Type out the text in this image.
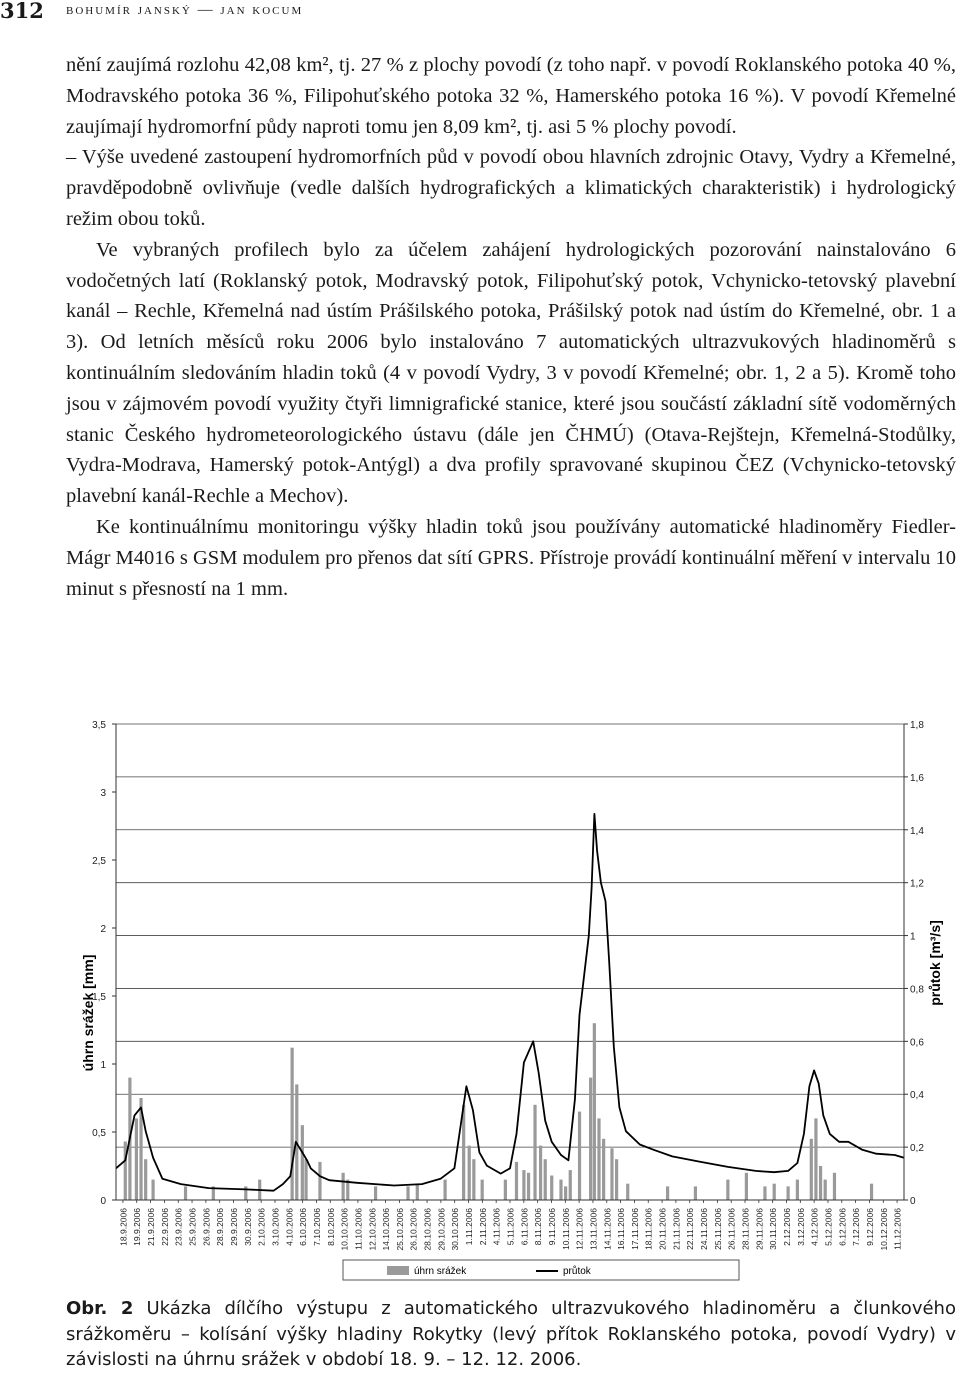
312 bohumír janský — jan kocum

nění zaujímá rozlohu 42,08 km², tj. 27 % z plochy povodí (z toho např. v povodí Roklanského potoka 40 %, Modravského potoka 36 %, Filipohuťského potoka 32 %, Hamerského potoka 16 %). V povodí Křemelné zaujímají hydromorfní půdy naproti tomu jen 8,09 km², tj. asi 5 % plochy povodí.

– Výše uvedené zastoupení hydromorfních půd v povodí obou hlavních zdrojnic Otavy, Vydry a Křemelné, pravděpodobně ovlivňuje (vedle dalších hydrografických a klimatických charakteristik) i hydrologický režim obou toků.

Ve vybraných profilech bylo za účelem zahájení hydrologických pozorování nainstalováno 6 vodočetných latí (Roklanský potok, Modravský potok, Filipohuťský potok, Vchynicko-tetovský plavební kanál – Rechle, Křemelná nad ústím Prášilského potoka, Prášilský potok nad ústím do Křemelné, obr. 1 a 3). Od letních měsíců roku 2006 bylo instalováno 7 automatických ultrazvukových hladinoměrů s kontinuálním sledováním hladin toků (4 v povodí Vydry, 3 v povodí Křemelné; obr. 1, 2 a 5). Kromě toho jsou v zájmovém povodí využity čtyři limnigrafické stanice, které jsou součástí základní sítě vodoměrných stanic Českého hydrometeorologického ústavu (dále jen ČHMÚ) (Otava-Rejštejn, Křemelná-Stodůlky, Vydra-Modrava, Hamerský potok-Antýgl) a dva profily spravované skupinou ČEZ (Vchynicko-tetovský plavební kanál-Rechle a Mechov).

Ke kontinuálnímu monitoringu výšky hladin toků jsou používány automatické hladinoměry Fiedler-Mágr M4016 s GSM modulem pro přenos dat sítí GPRS. Přístroje provádí kontinuální měření v intervalu 10 minut s přesností na 1 mm.

0
0,5
1
1,5
2
2,5
3
3,5
0
0,2
0,4
0,6
0,8
1
1,2
1,4
1,6
1,8
18.9.2006 19.9.2006 21.9.2006 22.9.2006 23.9.2006 25.9.2006 26.9.2006 28.9.2006 29.9.2006 30.9.2006 2.10.2006 3.10.2006 4.10.2006 6.10.2006 7.10.2006 8.10.2006 10.10.2006 11.10.2006 12.10.2006 14.10.2006 25.10.2006 26.10.2006 28.10.2006 29.10.2006 30.10.2006 1.11.2006 2.11.2006 4.11.2006 5.11.2006 6.11.2006 8.11.2006 9.11.2006 10.11.2006 12.11.2006 13.11.2006 14.11.2006 16.11.2006 17.11.2006 18.11.2006 20.11.2006 21.11.2006 22.11.2006 24.11.2006 25.11.2006 26.11.2006 28.11.2006 29.11.2006 30.11.2006 2.12.2006 3.12.2006 4.12.2006 5.12.2006 6.12.2006 7.12.2006 9.12.2006 10.12.2006 11.12.2006
úhrn srážek [mm]	průtok [m³/s]
úhrn srážek	průtok
Obr. 2 Ukázka dílčího výstupu z automatického ultrazvukového hladinoměru a člunkového srážkoměru – kolísání výšky hladiny Rokytky (levý přítok Roklanského potoka, povodí Vydry) v závislosti na úhrnu srážek v období 18. 9. – 12. 12. 2006.
